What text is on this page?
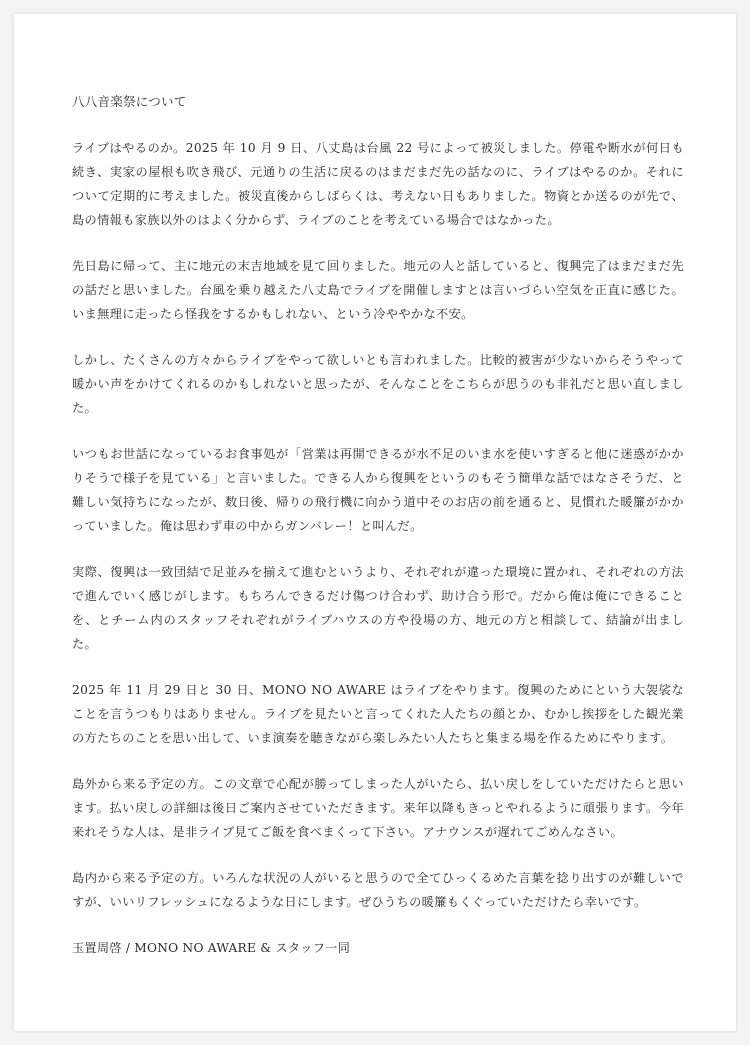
八八音楽祭について

ライブはやるのか。2025 年 10 月 9 日、八丈島は台風 22 号によって被災しました。停電や断水が何日も続き、実家の屋根も吹き飛び、元通りの生活に戻るのはまだまだ先の話なのに、ライブはやるのか。それについて定期的に考えました。被災直後からしばらくは、考えない日もありました。物資とか送るのが先で、島の情報も家族以外のはよく分からず、ライブのことを考えている場合ではなかった。

先日島に帰って、主に地元の末吉地域を見て回りました。地元の人と話していると、復興完了はまだまだ先の話だと思いました。台風を乗り越えた八丈島でライブを開催しますとは言いづらい空気を正直に感じた。いま無理に走ったら怪我をするかもしれない、という冷ややかな不安。

しかし、たくさんの方々からライブをやって欲しいとも言われました。比較的被害が少ないからそうやって暖かい声をかけてくれるのかもしれないと思ったが、そんなことをこちらが思うのも非礼だと思い直しました。

いつもお世話になっているお食事処が「営業は再開できるが水不足のいま水を使いすぎると他に迷惑がかかりそうで様子を見ている」と言いました。できる人から復興をというのもそう簡単な話ではなさそうだ、と難しい気持ちになったが、数日後、帰りの飛行機に向かう道中そのお店の前を通ると、見慣れた暖簾がかかっていました。俺は思わず車の中からガンバレー！と叫んだ。

実際、復興は一致団結で足並みを揃えて進むというより、それぞれが違った環境に置かれ、それぞれの方法で進んでいく感じがします。もちろんできるだけ傷つけ合わず、助け合う形で。だから俺は俺にできることを、とチーム内のスタッフそれぞれがライブハウスの方や役場の方、地元の方と相談して、結論が出ました。

2025 年 11 月 29 日と 30 日、MONO NO AWARE はライブをやります。復興のためにという大袈裟なことを言うつもりはありません。ライブを見たいと言ってくれた人たちの顔とか、むかし挨拶をした観光業の方たちのことを思い出して、いま演奏を聴きながら楽しみたい人たちと集まる場を作るためにやります。

島外から来る予定の方。この文章で心配が勝ってしまった人がいたら、払い戻しをしていただけたらと思います。払い戻しの詳細は後日ご案内させていただきます。来年以降もきっとやれるように頑張ります。今年来れそうな人は、是非ライブ見てご飯を食べまくって下さい。アナウンスが遅れてごめんなさい。

島内から来る予定の方。いろんな状況の人がいると思うので全てひっくるめた言葉を捻り出すのが難しいですが、いいリフレッシュになるような日にします。ぜひうちの暖簾もくぐっていただけたら幸いです。

玉置周啓 / MONO NO AWARE & スタッフ一同
